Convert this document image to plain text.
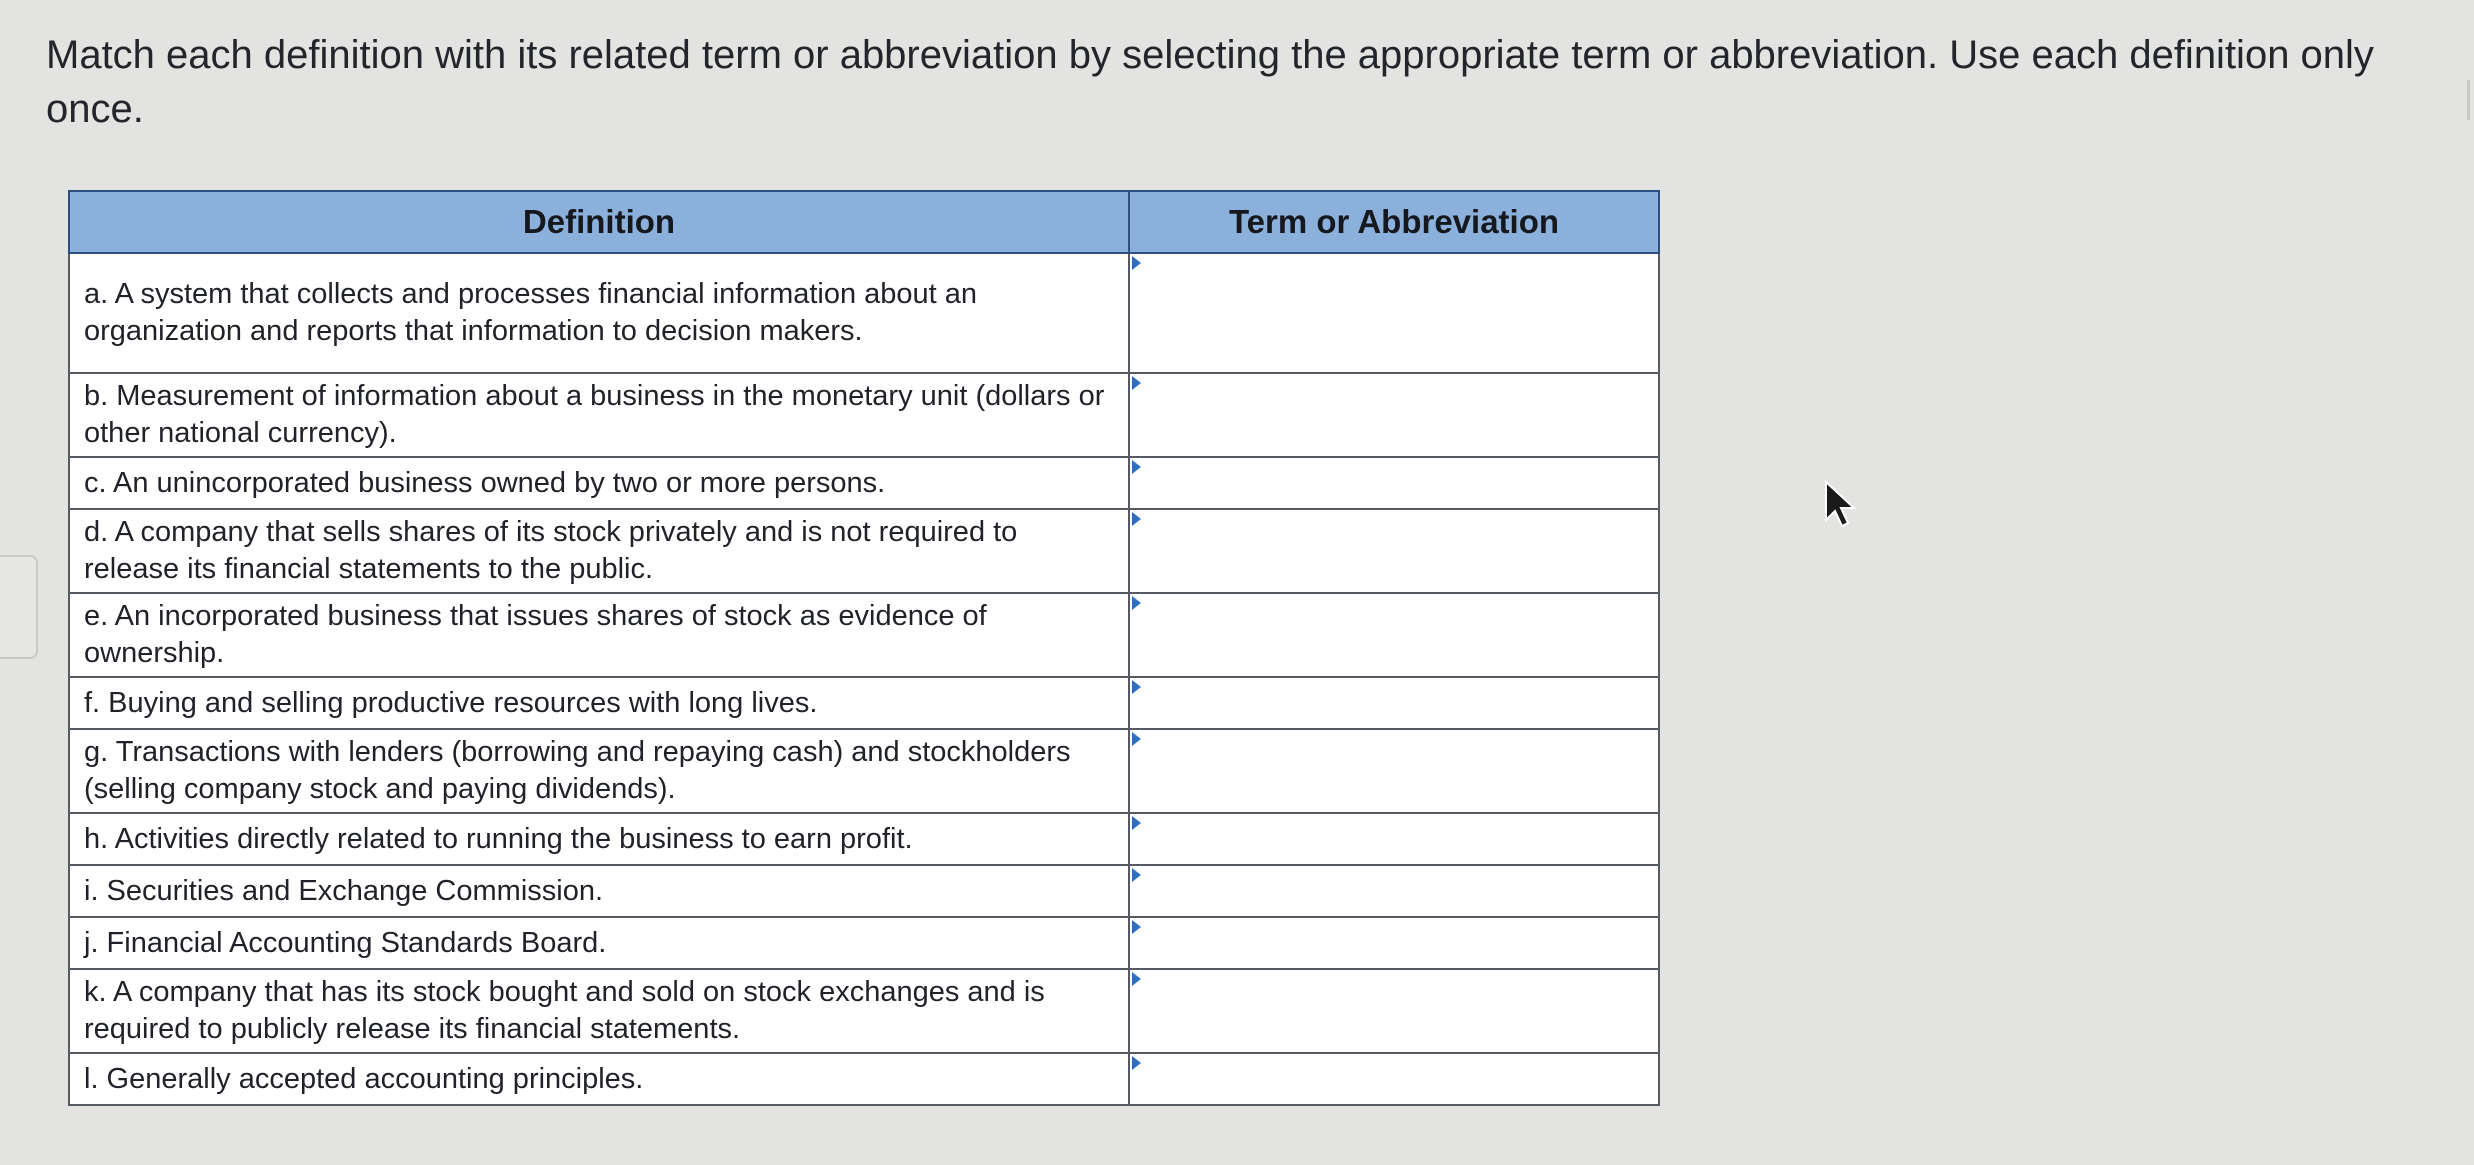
Match each definition with its related term or abbreviation by selecting the appropriate term or abbreviation. Use each definition only once.

Definition	Term or Abbreviation
a. A system that collects and processes financial information about an organization and reports that information to decision makers.	

b. Measurement of information about a business in the monetary unit (dollars or other national currency).	

c. An unincorporated business owned by two or more persons.	

d. A company that sells shares of its stock privately and is not required to release its financial statements to the public.	

e. An incorporated business that issues shares of stock as evidence of ownership.	

f. Buying and selling productive resources with long lives.	

g. Transactions with lenders (borrowing and repaying cash) and stockholders (selling company stock and paying dividends).	

h. Activities directly related to running the business to earn profit.	

i. Securities and Exchange Commission.	

j. Financial Accounting Standards Board.	

k. A company that has its stock bought and sold on stock exchanges and is required to publicly release its financial statements.	

l. Generally accepted accounting principles.	
